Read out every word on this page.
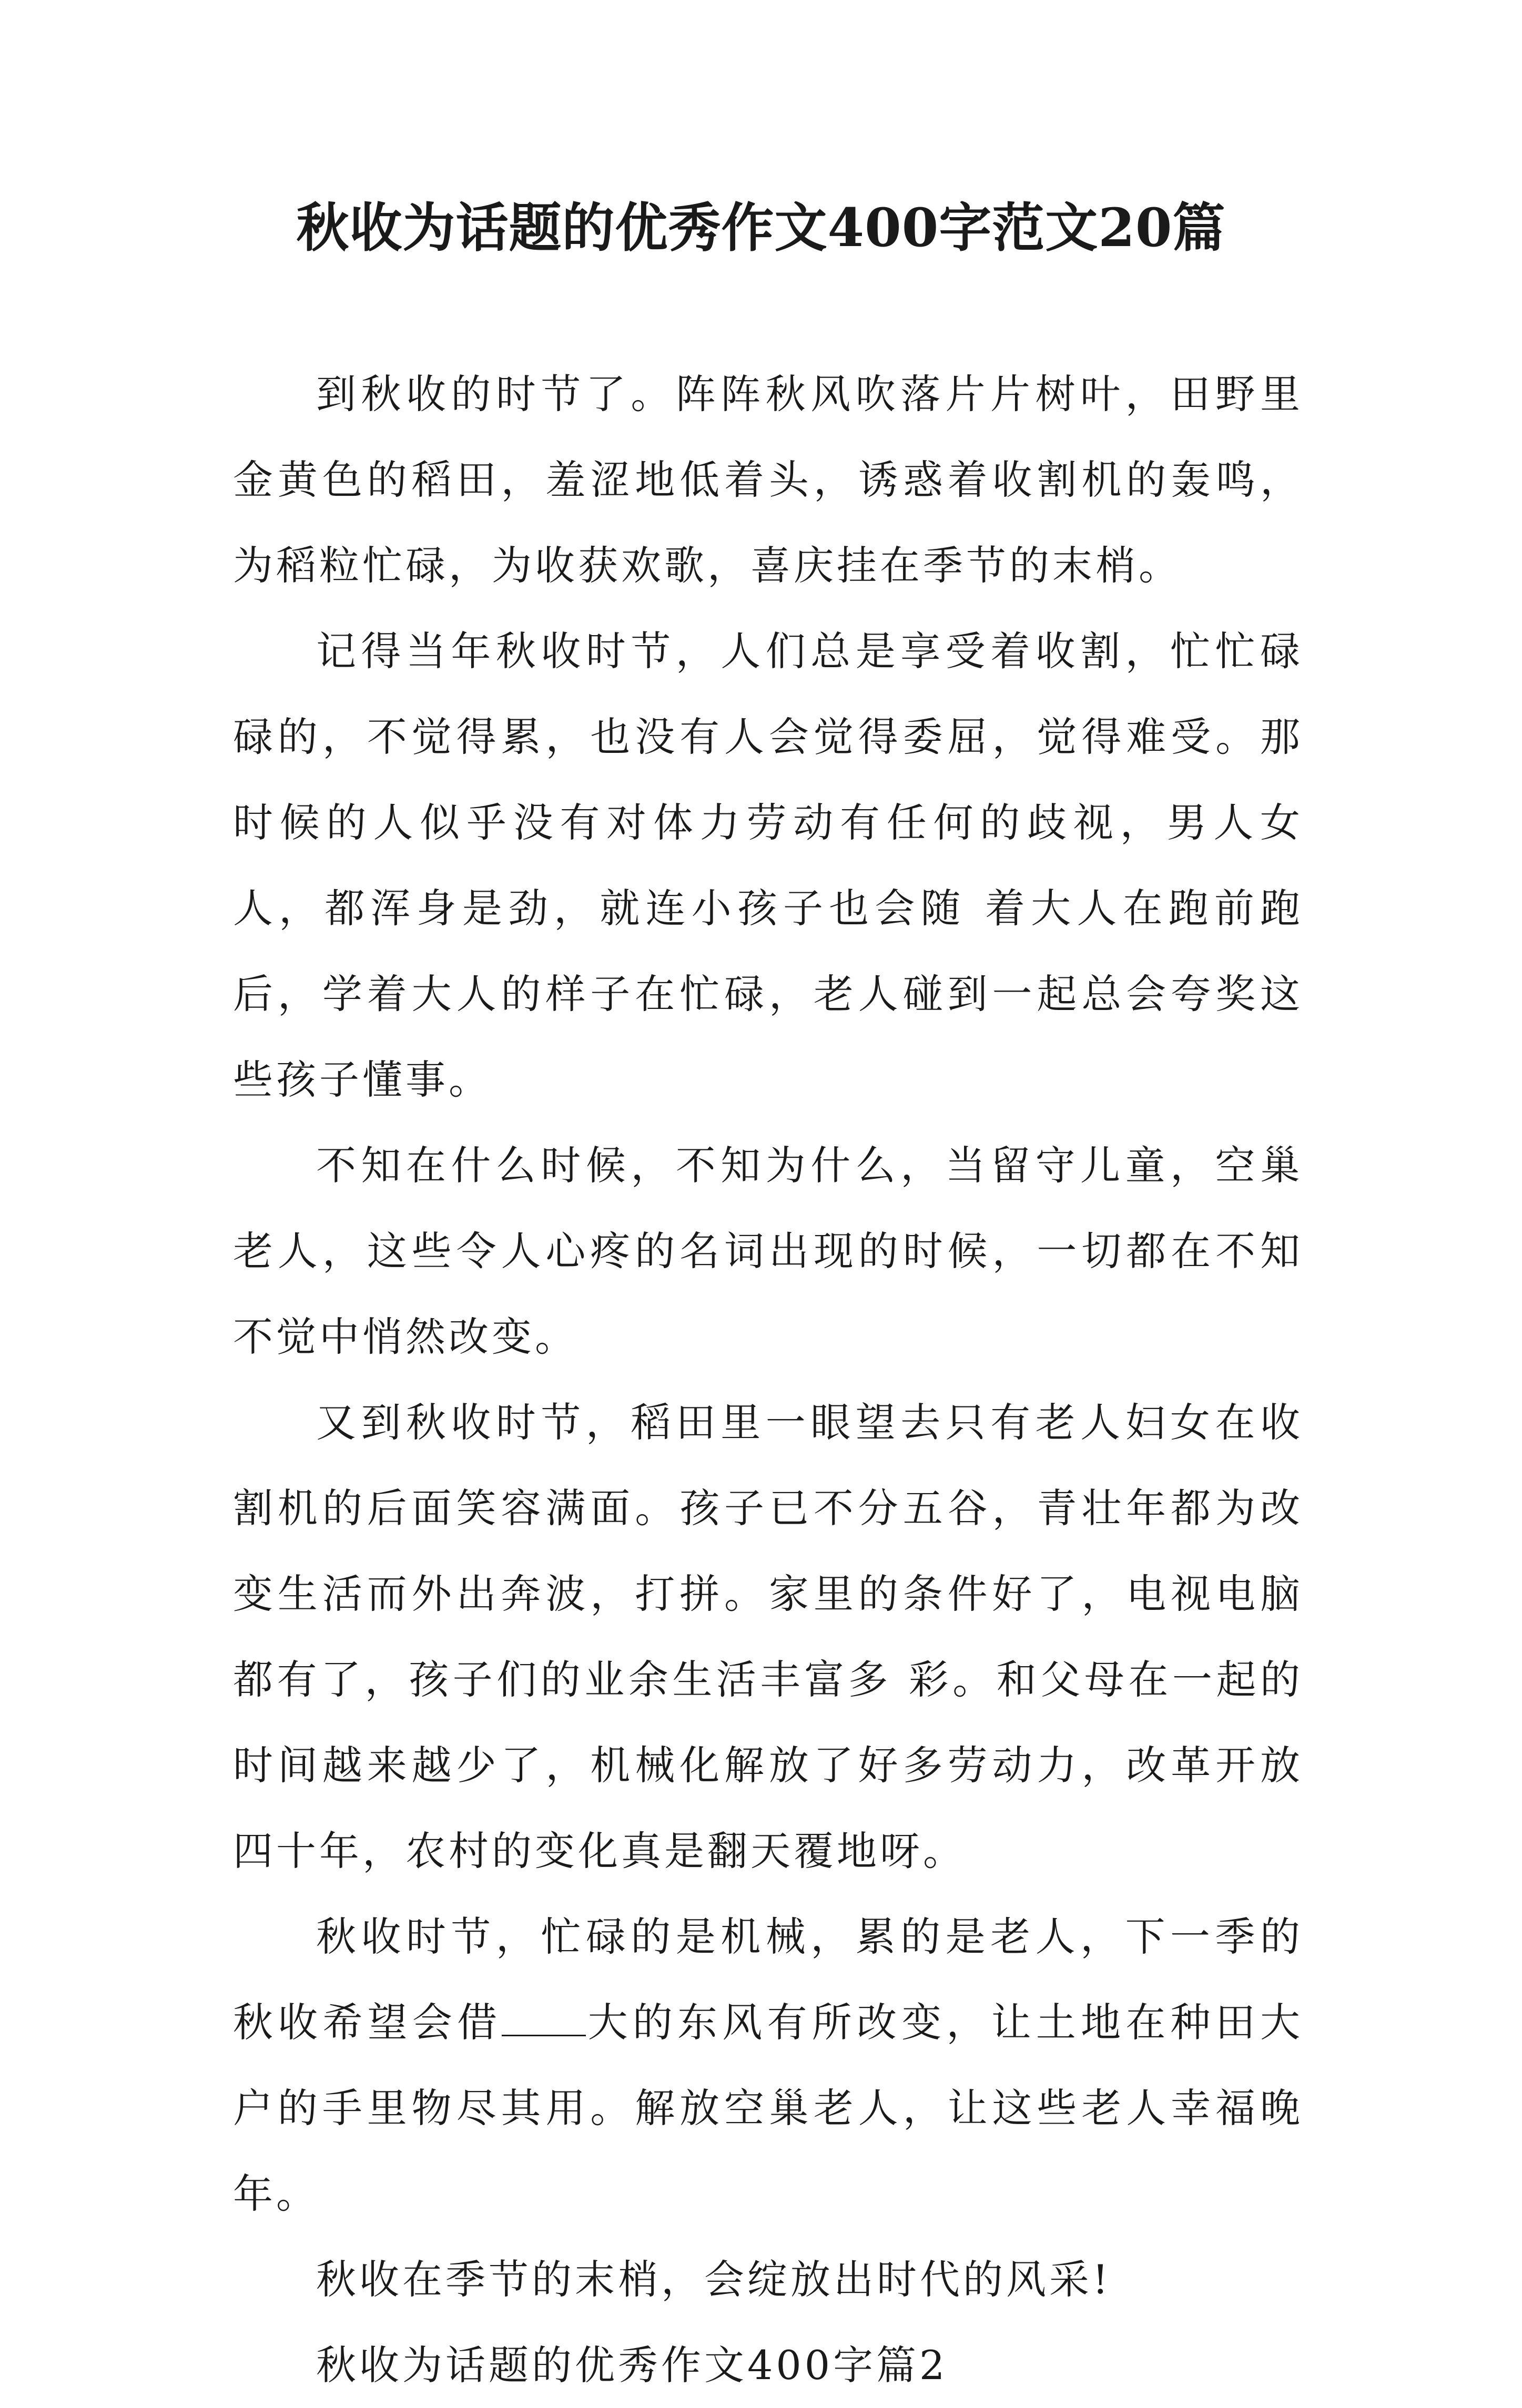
秋收为话题的优秀作文400字范文20篇

到秋收的时节了。阵阵秋风吹落片片树叶，田野里金黄色的稻田，羞涩地低着头，诱惑着收割机的轰鸣，为稻粒忙碌，为收获欢歌，喜庆挂在季节的末梢。

记得当年秋收时节，人们总是享受着收割，忙忙碌碌的，不觉得累，也没有人会觉得委屈，觉得难受。那时候的人似乎没有对体力劳动有任何的歧视，男人女人，都浑身是劲，就连小孩子也会随 着大人在跑前跑后，学着大人的样子在忙碌，老人碰到一起总会夸奖这些孩子懂事。

不知在什么时候，不知为什么，当留守儿童，空巢老人，这些令人心疼的名词出现的时候，一切都在不知不觉中悄然改变。

又到秋收时节，稻田里一眼望去只有老人妇女在收割机的后面笑容满面。孩子已不分五谷，青壮年都为改变生活而外出奔波，打拼。家里的条件好了，电视电脑都有了，孩子们的业余生活丰富多 彩。和父母在一起的时间越来越少了，机械化解放了好多劳动力，改革开放四十年，农村的变化真是翻天覆地呀。

秋收时节，忙碌的是机械，累的是老人，下一季的秋收希望会借 大的东风有所改变，让土地在种田大户的手里物尽其用。解放空巢老人，让这些老人幸福晚年。

秋收在季节的末梢，会绽放出时代的风采!

秋收为话题的优秀作文400字篇2
